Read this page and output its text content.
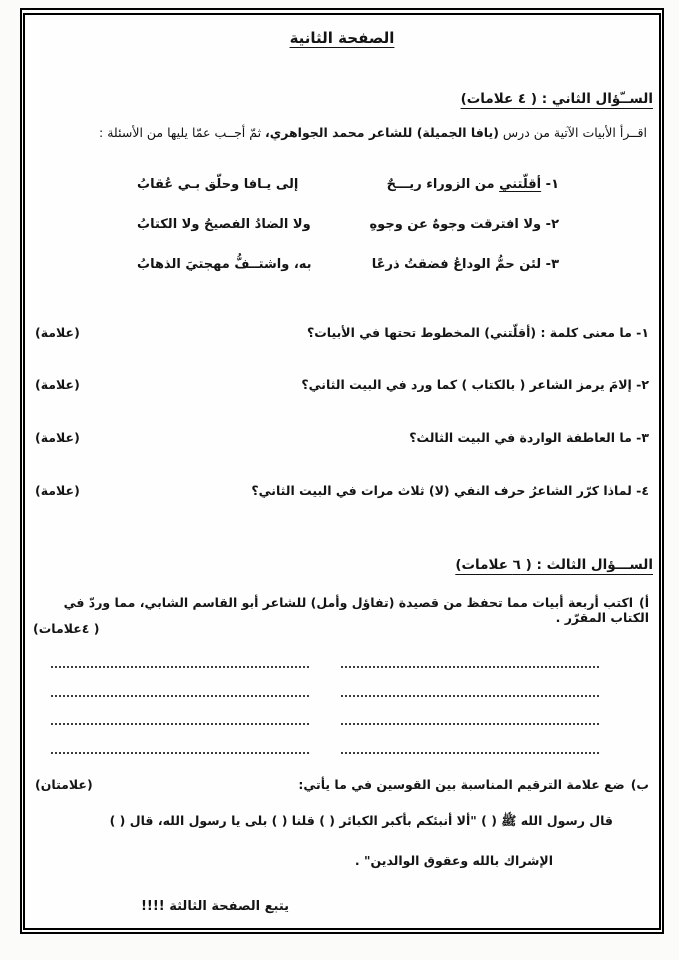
الصفحة الثانية
الســّؤال الثاني : ( ٤ علامات)
اقــرأ الأبيات الآتية من درس (يافا الجميلة) للشاعر محمد الجواهري، ثمّ أجــب عمّا يليها من الأسئلة :
١- أقلّتني من الزوراء ريـــحٌ
إلى يـافا وحلّق بـي عُقابُ
٢- ولا افترقت وجوهٌ عن وجوهِ
ولا الضادُ الفصيحُ ولا الكتابُ
٣- لئن حمُّ الوداعُ فضقتُ ذرعًا
به، واشتــفُّ مهجتيَ الذهابُ
١- ما معنى كلمة : (أقلّتني) المخطوط تحتها في الأبيات؟
(علامة)
٢- إلامَ يرمز الشاعر ( بالكتاب ) كما ورد في البيت الثاني؟
(علامة)
٣- ما العاطفة الواردة في البيت الثالث؟
(علامة)
٤- لماذا كرّر الشاعرُ حرف النفي (لا) ثلاث مرات في البيت الثاني؟
(علامة)
الســـؤال الثالث : ( ٦ علامات)
أ)اكتب أربعة أبيات مما تحفظ من قصيدة (تفاؤل وأمل) للشاعر أبو القاسم الشابي، مما وردّ في الكتاب المقرّر .
( ٤علامات)
ب)ضع علامة الترقيم المناسبة بين القوسين في ما يأتي:
(علامتان)
قال رسول الله ﷺ ( ) "ألا أنبئكم بأكبر الكبائر ( ) قلنا ( ) بلى يا رسول الله، قال ( )
الإشراك بالله وعقوق الوالدين" .
يتبع الصفحة الثالثة !!!!
